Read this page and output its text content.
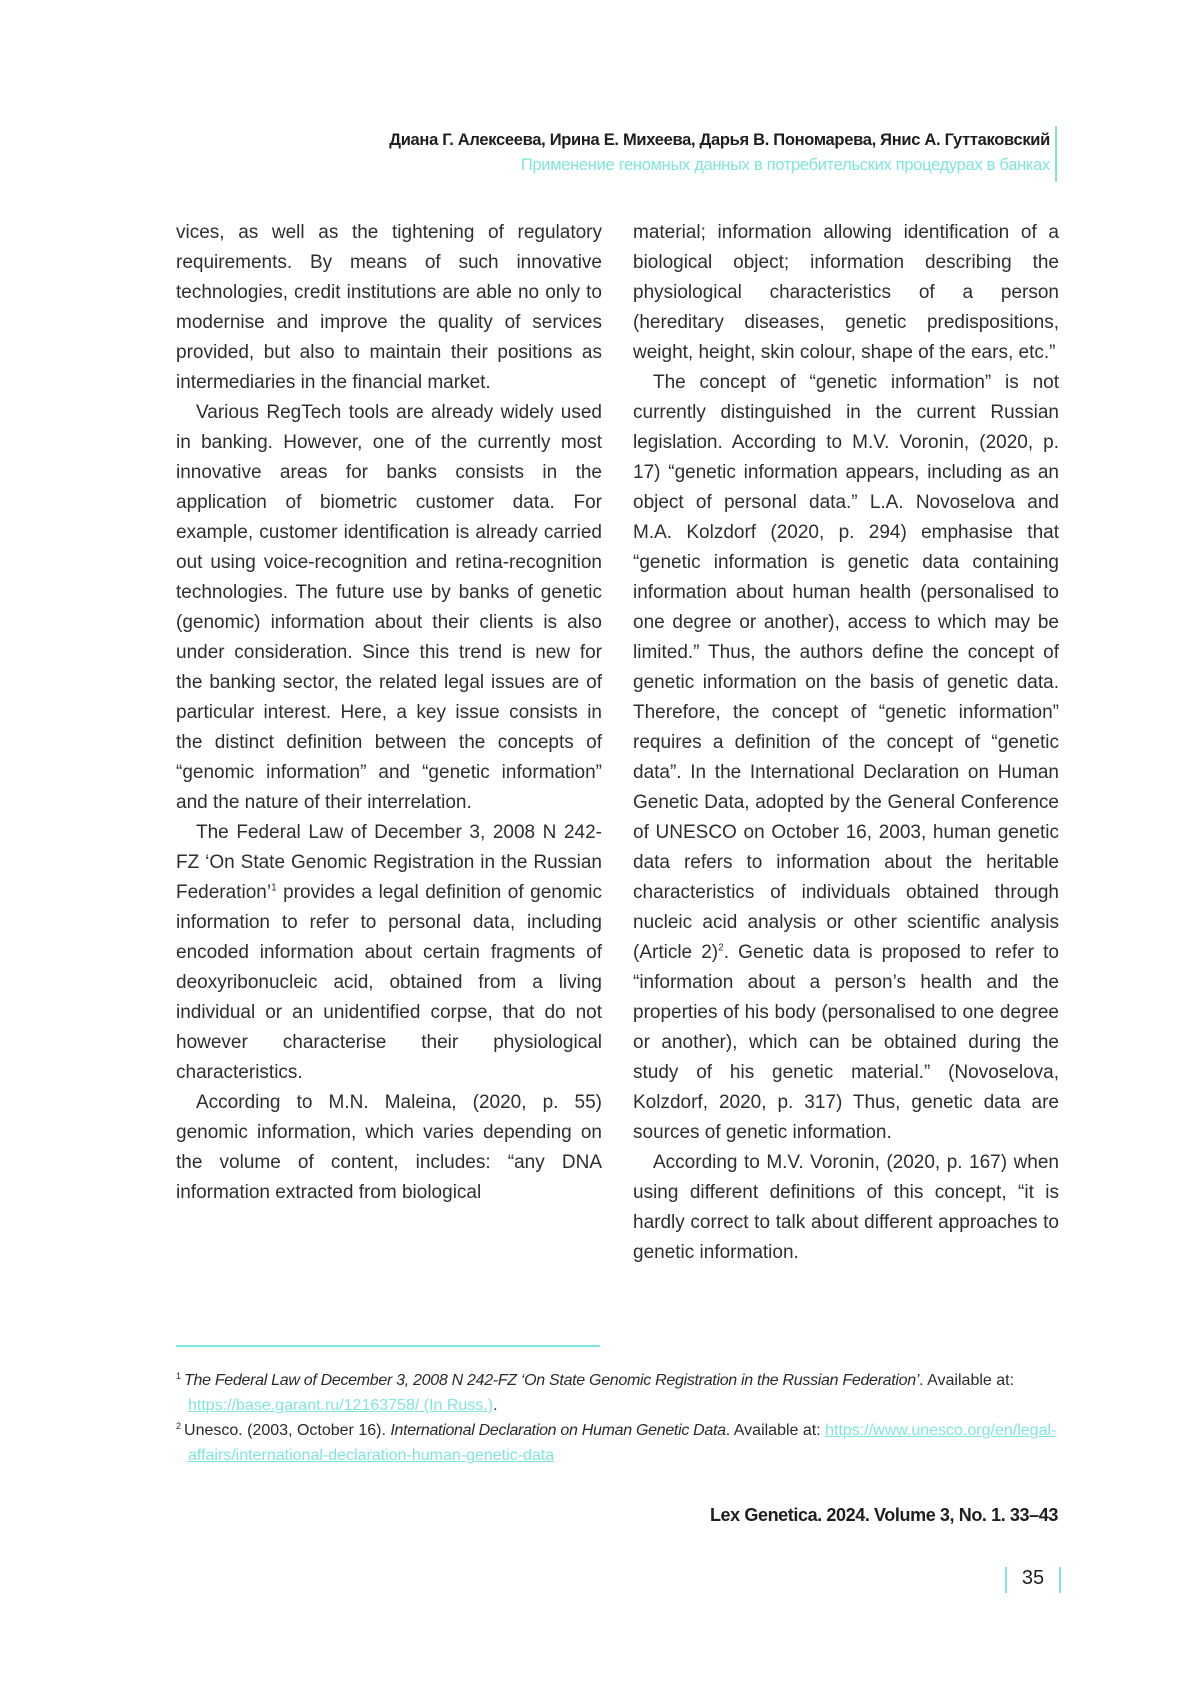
Диана Г. Алексеева, Ирина Е. Михеева, Дарья В. Пономарева, Янис А. Гуттаковский
Применение геномных данных в потребительских процедурах в банках

vices, as well as the tightening of regulatory requirements. By means of such innovative technologies, credit institutions are able no only to modernise and improve the quality of services provided, but also to maintain their positions as intermediaries in the financial market.

Various RegTech tools are already widely used in banking. However, one of the currently most innovative areas for banks consists in the application of biometric customer data. For example, customer identification is already carried out using voice-recognition and retina-recognition technologies. The future use by banks of genetic (genomic) information about their clients is also under consideration. Since this trend is new for the banking sector, the related legal issues are of particular interest. Here, a key issue consists in the distinct definition between the concepts of “genomic information” and “genetic information” and the nature of their interrelation.

The Federal Law of December 3, 2008 N 242-FZ ‘On State Genomic Registration in the Russian Federation’$^1$ provides a legal definition of genomic information to refer to personal data, including encoded information about certain fragments of deoxyribonucleic acid, obtained from a living individual or an unidentified corpse, that do not however characterise their physiological characteristics.

According to M.N. Maleina, (2020, p. 55) genomic information, which varies depending on the volume of content, includes: “any DNA information extracted from biological

material; information allowing identification of a biological object; information describing the physiological characteristics of a person (hereditary diseases, genetic predispositions, weight, height, skin colour, shape of the ears, etc.”

The concept of “genetic information” is not currently distinguished in the current Russian legislation. According to M.V. Voronin, (2020, p. 17) “genetic information appears, including as an object of personal data.” L.A. Novoselova and M.A. Kolzdorf (2020, p. 294) emphasise that “genetic information is genetic data containing information about human health (personalised to one degree or another), access to which may be limited.” Thus, the authors define the concept of genetic information on the basis of genetic data. Therefore, the concept of “genetic information” requires a definition of the concept of “genetic data”. In the International Declaration on Human Genetic Data, adopted by the General Conference of UNESCO on October 16, 2003, human genetic data refers to information about the heritable characteristics of individuals obtained through nucleic acid analysis or other scientific analysis (Article 2)$^2$. Genetic data is proposed to refer to “information about a person’s health and the properties of his body (personalised to one degree or another), which can be obtained during the study of his genetic material.” (Novoselova, Kolzdorf, 2020, p. 317) Thus, genetic data are sources of genetic information.

According to M.V. Voronin, (2020, p. 167) when using different definitions of this concept, “it is hardly correct to talk about different approaches to genetic information.

$^1$ The Federal Law of December 3, 2008 N 242-FZ ‘On State Genomic Registration in the Russian Federation’. Available at: https://base.garant.ru/12163758/ (In Russ.).

$^2$ Unesco. (2003, October 16). International Declaration on Human Genetic Data. Available at: https://www.unesco.org/en/legal-affairs/international-declaration-human-genetic-data

Lex Genetica. 2024. Volume 3, No. 1. 33–43
35
